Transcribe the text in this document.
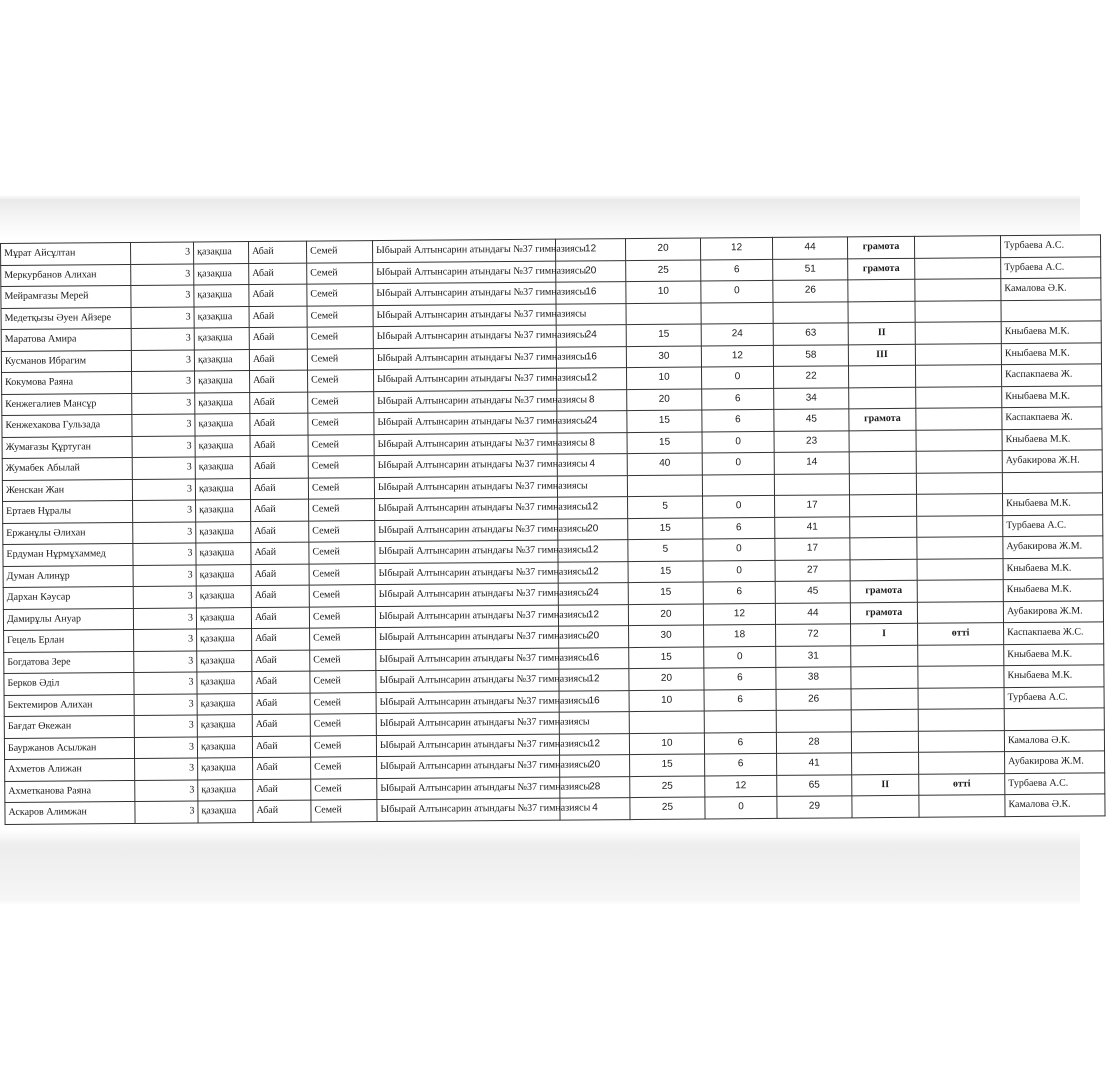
Мұрат Айсұлтан	3	қазақша	Абай	Семей	Ыбырай Алтынсарин атындағы №37 гимназиясы	12	20	12	44	грамота		Турбаева А.С.
Меркурбанов Алихан	3	қазақша	Абай	Семей	Ыбырай Алтынсарин атындағы №37 гимназиясы	20	25	6	51	грамота		Турбаева А.С.
Мейрамғазы Мерей	3	қазақша	Абай	Семей	Ыбырай Алтынсарин атындағы №37 гимназиясы	16	10	0	26			Камалова Ә.К.
Медетқызы Әуен Айзере	3	қазақша	Абай	Семей	Ыбырай Алтынсарин атындағы №37 гимназиясы							
Маратова Амира	3	қазақша	Абай	Семей	Ыбырай Алтынсарин атындағы №37 гимназиясы	24	15	24	63	II		Кныбаева М.К.
Кусманов Ибрагим	3	қазақша	Абай	Семей	Ыбырай Алтынсарин атындағы №37 гимназиясы	16	30	12	58	III		Кныбаева М.К.
Кокумова Раяна	3	қазақша	Абай	Семей	Ыбырай Алтынсарин атындағы №37 гимназиясы	12	10	0	22			Каспакпаева Ж.
Кенжегалиев Мансұр	3	қазақша	Абай	Семей	Ыбырай Алтынсарин атындағы №37 гимназиясы	8	20	6	34			Кныбаева М.К.
Кенжехакова Гульзада	3	қазақша	Абай	Семей	Ыбырай Алтынсарин атындағы №37 гимназиясы	24	15	6	45	грамота		Каспакпаева Ж.
Жумағазы Құртуган	3	қазақша	Абай	Семей	Ыбырай Алтынсарин атындағы №37 гимназиясы	8	15	0	23			Кныбаева М.К.
Жумабек Абылай	3	қазақша	Абай	Семей	Ыбырай Алтынсарин атындағы №37 гимназиясы	4	40	0	14			Аубакирова Ж.Н.
Женскан Жан	3	қазақша	Абай	Семей	Ыбырай Алтынсарин атындағы №37 гимназиясы							
Ертаев Нұралы	3	қазақша	Абай	Семей	Ыбырай Алтынсарин атындағы №37 гимназиясы	12	5	0	17			Кныбаева М.К.
Ержанұлы Әлихан	3	қазақша	Абай	Семей	Ыбырай Алтынсарин атындағы №37 гимназиясы	20	15	6	41			Турбаева А.С.
Ердуман Нұрмұхаммед	3	қазақша	Абай	Семей	Ыбырай Алтынсарин атындағы №37 гимназиясы	12	5	0	17			Аубакирова Ж.М.
Думан Алинұр	3	қазақша	Абай	Семей	Ыбырай Алтынсарин атындағы №37 гимназиясы	12	15	0	27			Кныбаева М.К.
Дархан Кәусар	3	қазақша	Абай	Семей	Ыбырай Алтынсарин атындағы №37 гимназиясы	24	15	6	45	грамота		Кныбаева М.К.
Дамирұлы Ануар	3	қазақша	Абай	Семей	Ыбырай Алтынсарин атындағы №37 гимназиясы	12	20	12	44	грамота		Аубакирова Ж.М.
Гецель Ерлан	3	қазақша	Абай	Семей	Ыбырай Алтынсарин атындағы №37 гимназиясы	20	30	18	72	I	өтті	Каспакпаева Ж.С.
Богдатова Зере	3	қазақша	Абай	Семей	Ыбырай Алтынсарин атындағы №37 гимназиясы	16	15	0	31			Кныбаева М.К.
Берков Әділ	3	қазақша	Абай	Семей	Ыбырай Алтынсарин атындағы №37 гимназиясы	12	20	6	38			Кныбаева М.К.
Бектемиров Алихан	3	қазақша	Абай	Семей	Ыбырай Алтынсарин атындағы №37 гимназиясы	16	10	6	26			Турбаева А.С.
Бағдат Өкежан	3	қазақша	Абай	Семей	Ыбырай Алтынсарин атындағы №37 гимназиясы							
Бауржанов Асылжан	3	қазақша	Абай	Семей	Ыбырай Алтынсарин атындағы №37 гимназиясы	12	10	6	28			Камалова Ә.К.
Ахметов Алижан	3	қазақша	Абай	Семей	Ыбырай Алтынсарин атындағы №37 гимназиясы	20	15	6	41			Аубакирова Ж.М.
Ахметканова Раяна	3	қазақша	Абай	Семей	Ыбырай Алтынсарин атындағы №37 гимназиясы	28	25	12	65	II	өтті	Турбаева А.С.
Аскаров Алимжан	3	қазақша	Абай	Семей	Ыбырай Алтынсарин атындағы №37 гимназиясы	4	25	0	29			Камалова Ә.К.
